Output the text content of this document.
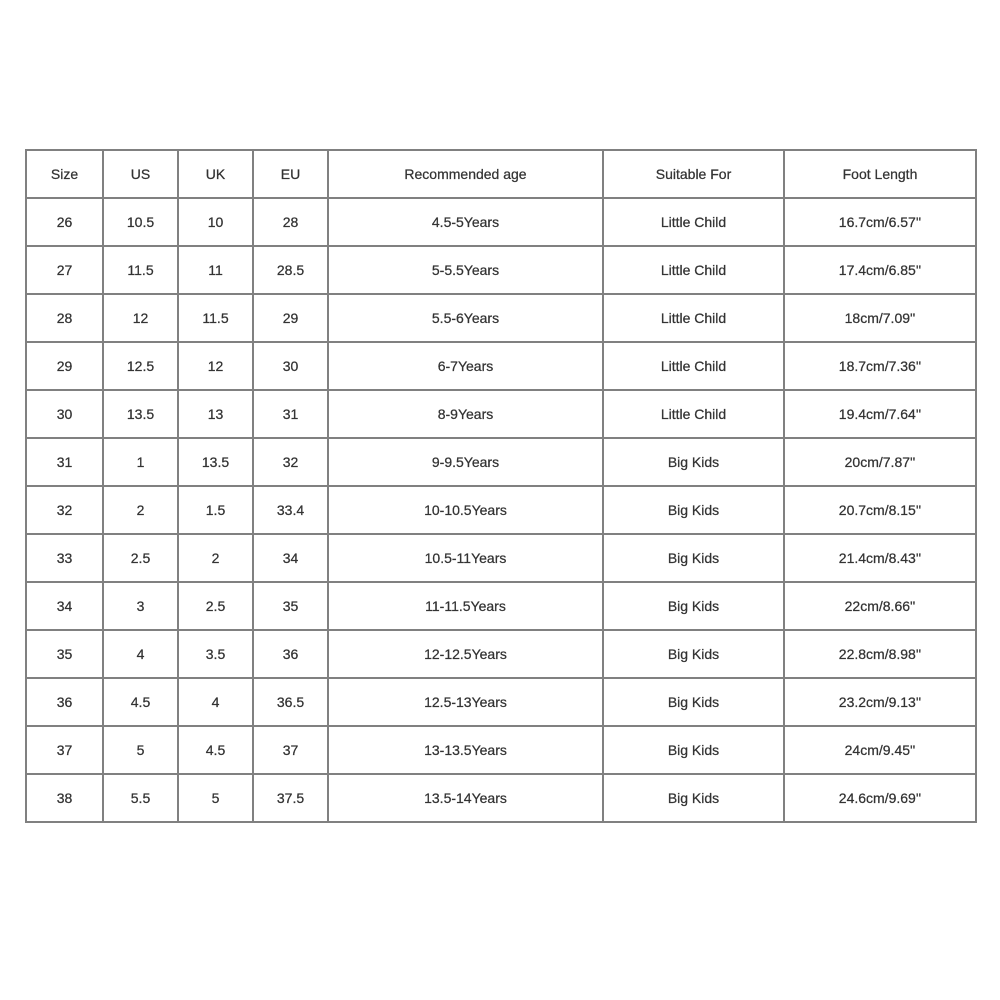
Size	US	UK	EU	Recommended age	Suitable For	Foot Length
26	10.5	10	28	4.5-5Years	Little Child	16.7cm/6.57''
27	11.5	11	28.5	5-5.5Years	Little Child	17.4cm/6.85''
28	12	11.5	29	5.5-6Years	Little Child	18cm/7.09''
29	12.5	12	30	6-7Years	Little Child	18.7cm/7.36''
30	13.5	13	31	8-9Years	Little Child	19.4cm/7.64''
31	1	13.5	32	9-9.5Years	Big Kids	20cm/7.87''
32	2	1.5	33.4	10-10.5Years	Big Kids	20.7cm/8.15''
33	2.5	2	34	10.5-11Years	Big Kids	21.4cm/8.43''
34	3	2.5	35	11-11.5Years	Big Kids	22cm/8.66''
35	4	3.5	36	12-12.5Years	Big Kids	22.8cm/8.98''
36	4.5	4	36.5	12.5-13Years	Big Kids	23.2cm/9.13''
37	5	4.5	37	13-13.5Years	Big Kids	24cm/9.45''
38	5.5	5	37.5	13.5-14Years	Big Kids	24.6cm/9.69''
